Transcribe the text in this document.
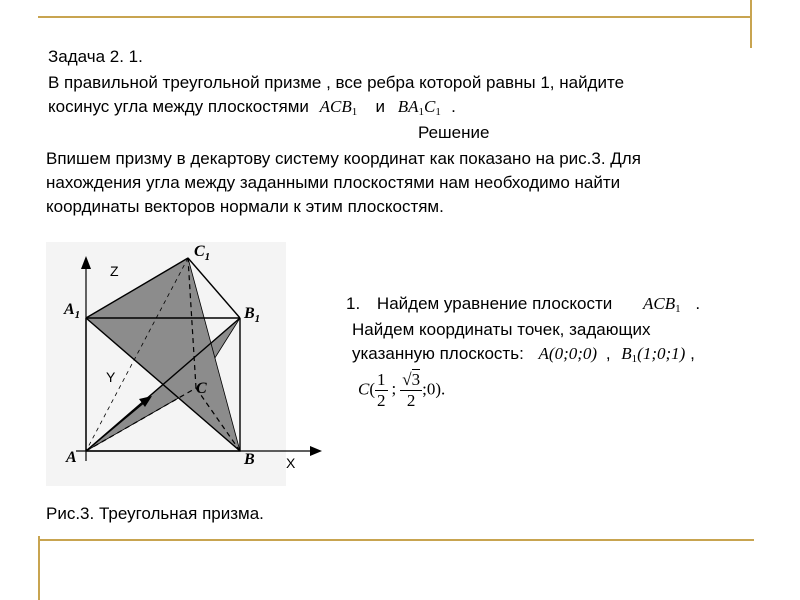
Задача 2. 1.
В правильной треугольной призме , все ребра которой равны 1, найдите
косинус угла между плоскостями ACB1 и BA1C1 .
Решение
Впишем призму в декартову систему координат как показано на рис.3. Для
нахождения угла между заданными плоскостями нам необходимо найти
координаты векторов нормали к этим плоскостям.
Z
Y
X
$C_1$
$A_1$	$B_1$
C
A	B
Рис.3. Треугольная призма.
1. Найдем уравнение плоскости ACB1 .
Найдем координаты точек, задающих
указанную плоскость: A(0;0;0) , B1(1;0;1) ,
$C( \frac{1}{2}$ ; $\frac{√3}{2}$ ;0).
